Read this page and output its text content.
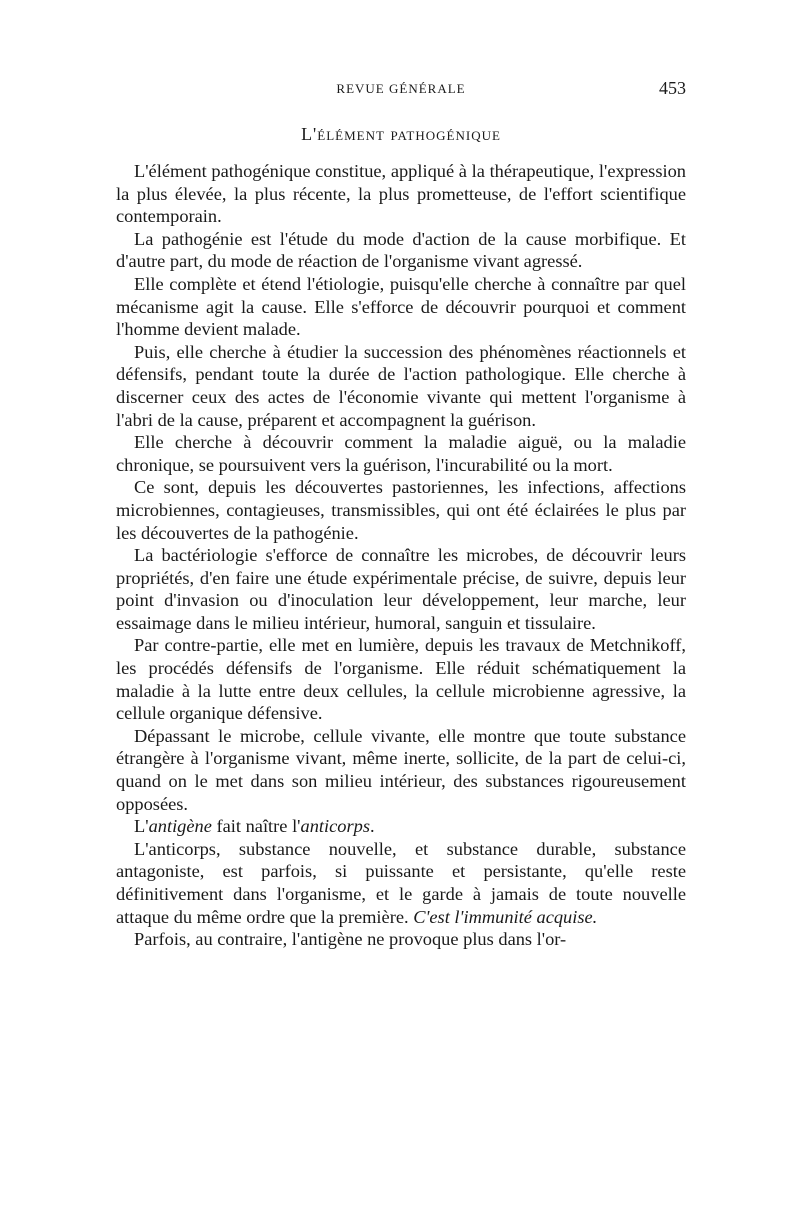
REVUE GÉNÉRALE	453
L'élément pathogénique

L'élément pathogénique constitue, appliqué à la thérapeutique, l'expression la plus élevée, la plus récente, la plus prometteuse, de l'effort scientifique contemporain.

La pathogénie est l'étude du mode d'action de la cause morbifique. Et d'autre part, du mode de réaction de l'organisme vivant agressé.

Elle complète et étend l'étiologie, puisqu'elle cherche à connaître par quel mécanisme agit la cause. Elle s'efforce de découvrir pourquoi et comment l'homme devient malade.

Puis, elle cherche à étudier la succession des phénomènes réactionnels et défensifs, pendant toute la durée de l'action pathologique. Elle cherche à discerner ceux des actes de l'économie vivante qui mettent l'organisme à l'abri de la cause, préparent et accompagnent la guérison.

Elle cherche à découvrir comment la maladie aiguë, ou la maladie chronique, se poursuivent vers la guérison, l'incurabilité ou la mort.

Ce sont, depuis les découvertes pastoriennes, les infections, affections microbiennes, contagieuses, transmissibles, qui ont été éclairées le plus par les découvertes de la pathogénie.

La bactériologie s'efforce de connaître les microbes, de découvrir leurs propriétés, d'en faire une étude expérimentale précise, de suivre, depuis leur point d'invasion ou d'inoculation leur développement, leur marche, leur essaimage dans le milieu intérieur, humoral, sanguin et tissulaire.

Par contre-partie, elle met en lumière, depuis les travaux de Metchnikoff, les procédés défensifs de l'organisme. Elle réduit schématiquement la maladie à la lutte entre deux cellules, la cellule microbienne agressive, la cellule organique défensive.

Dépassant le microbe, cellule vivante, elle montre que toute substance étrangère à l'organisme vivant, même inerte, sollicite, de la part de celui-ci, quand on le met dans son milieu intérieur, des substances rigoureusement opposées.

L'antigène fait naître l'anticorps.

L'anticorps, substance nouvelle, et substance durable, substance antagoniste, est parfois, si puissante et persistante, qu'elle reste définitivement dans l'organisme, et le garde à jamais de toute nouvelle attaque du même ordre que la première. C'est l'immunité acquise.

Parfois, au contraire, l'antigène ne provoque plus dans l'or-
